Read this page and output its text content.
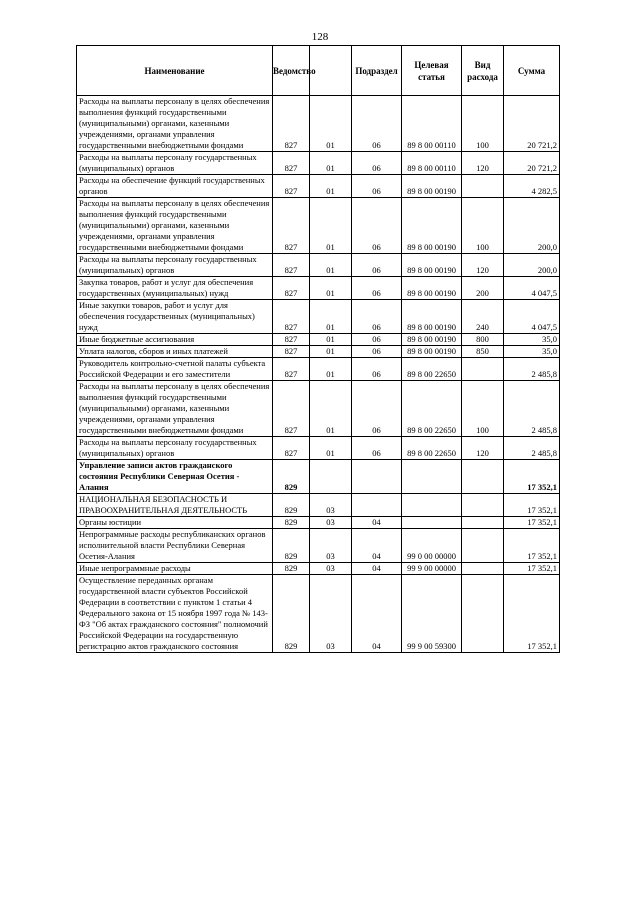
128
Наименование	Ведомство		Подраздел	Целевая статья	Вид расхода	Сумма
Расходы на выплаты персоналу в целях обеспечения выполнения функций государственными (муниципальными) органами, казенными учреждениями, органами управления государственными внебюджетными фондами	827	01	06	89 8 00 00110	100	20 721,2
Расходы на выплаты персоналу государственных (муниципальных) органов	827	01	06	89 8 00 00110	120	20 721,2
Расходы на обеспечение функций государственных органов	827	01	06	89 8 00 00190		4 282,5
Расходы на выплаты персоналу в целях обеспечения выполнения функций государственными (муниципальными) органами, казенными учреждениями, органами управления государственными внебюджетными фондами	827	01	06	89 8 00 00190	100	200,0
Расходы на выплаты персоналу государственных (муниципальных) органов	827	01	06	89 8 00 00190	120	200,0
Закупка товаров, работ и услуг для обеспечения государственных (муниципальных) нужд	827	01	06	89 8 00 00190	200	4 047,5
Иные закупки товаров, работ и услуг для обеспечения государственных (муниципальных) нужд	827	01	06	89 8 00 00190	240	4 047,5
Иные бюджетные ассигнования	827	01	06	89 8 00 00190	800	35,0
Уплата налогов, сборов и иных платежей	827	01	06	89 8 00 00190	850	35,0
Руководитель контрольно-счетной палаты субъекта Российской Федерации и его заместители	827	01	06	89 8 00 22650		2 485,8
Расходы на выплаты персоналу в целях обеспечения выполнения функций государственными (муниципальными) органами, казенными учреждениями, органами управления государственными внебюджетными фондами	827	01	06	89 8 00 22650	100	2 485,8
Расходы на выплаты персоналу государственных (муниципальных) органов	827	01	06	89 8 00 22650	120	2 485,8
Управление записи актов гражданского состояния Республики Северная Осетия - Алания	829					17 352,1
НАЦИОНАЛЬНАЯ БЕЗОПАСНОСТЬ И ПРАВООХРАНИТЕЛЬНАЯ ДЕЯТЕЛЬНОСТЬ	829	03				17 352,1
Органы юстиции	829	03	04			17 352,1
Непрограммные расходы республиканских органов исполнительной власти Республики Северная Осетия-Алания	829	03	04	99 0 00 00000		17 352,1
Иные непрограммные расходы	829	03	04	99 9 00 00000		17 352,1
Осуществление переданных органам государственной власти субъектов Российской Федерации в соответствии с пунктом 1 статьи 4 Федерального закона от 15 ноября 1997 года № 143-ФЗ "Об актах гражданского состояния" полномочий Российской Федерации на государственную регистрацию актов гражданского состояния	829	03	04	99 9 00 59300		17 352,1
